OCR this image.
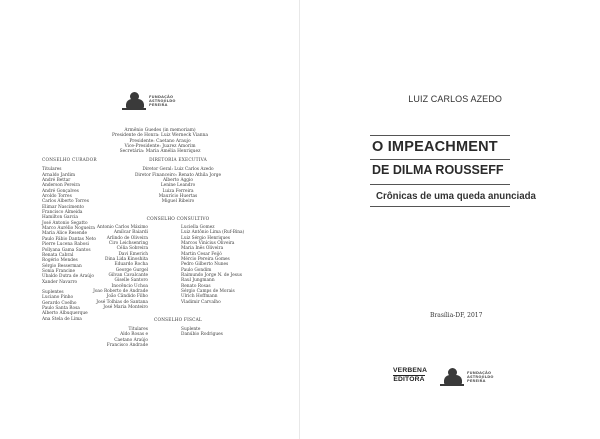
FUNDAÇÃO
ASTROJILDO
PEREIRA
Armênio Guedes (in memoriam)
Presidente de Honra: Luiz Werneck Vianna
Presidente: Caetano Araujo
Vice-Presidente: Juarez Amorim
Secretária: Maria Amélia Henriquez
CONSELHO CURADOR
Titulares
Arnaldo Jardim
André Bettar
Anderson Pereira
André Gonçalves
Aroldo Torres
Carlos Alberto Torres
Elimar Nascimento
Francisco Almeida
Hamilton Garcia
José Antonio Segatto
Marco Aurélio Nogueira
Maria Alice Resende
Paulo Fábio Dantas Neto
Pierre Lucena Rabosi
Pollyana Gama Santos
Renata Cabral
Rogério Mendes
Sérgio Besserman
Sonia Francine
Ubaldo Dutra de Araújo
Xander Navarro
Suplentes
Luciano Pinho
Gerardo Coelho
Paulo Santa Rosa
Alberto Albuquerque
Ana Stela de Lima
DIRETORIA EXECUTIVA
Diretor Geral: Luiz Carlos Azedo
Diretor Financeiro: Renato Athila Jorge
Alberto Aggio
Lenine Leandro
Luiza Ferreira
Maurício Huertas
Miguel Ribeiro
CONSELHO CONSULTIVO
Antonio Carlos Máximo
Amílcar Baiardi
Arlindo de Oliveira
Ciro Leichsenring
Célia Sobreira
Davi Emerich
Dina Lida Kinoshita
Eduardo Rocha
George Gurgel
Gilvan Cavalcante
Giselle Santoro
Inocêncio Uchoa
Joao Roberto de Andrade
João Cândido Filho
José Tolhias de Santana
José Maria Monteiro
Luciella Gomez
Luiz Antônio Lima (Ruf-Bina)
Luiz Sérgio Henriques
Marcos Vinícius Oliveira
Maria Inês Oliveira
Martin Cesar Feijó
Mércio Pereira Gomes
Pedro Gilberto Nunes
Paulo Gondim
Raimundo Jorge N. de Jesus
Raul Jungmann
Renato Rosas
Sérgio Camps de Morais
Ulrich Hoffmann
Vladimir Carvalho
CONSELHO FISCAL
Titulares
Aldo Rosas e
Caetano Araújo
Francisco Andrade
Suplente
Danúbio Rodrigues
LUIZ CARLOS AZEDO
O IMPEACHMENT
DE DILMA ROUSSEFF
Crônicas de uma queda anunciada
Brasília-DF, 2017
VERBENA
EDITORA
FUNDAÇÃO
ASTROJILDO
PEREIRA
